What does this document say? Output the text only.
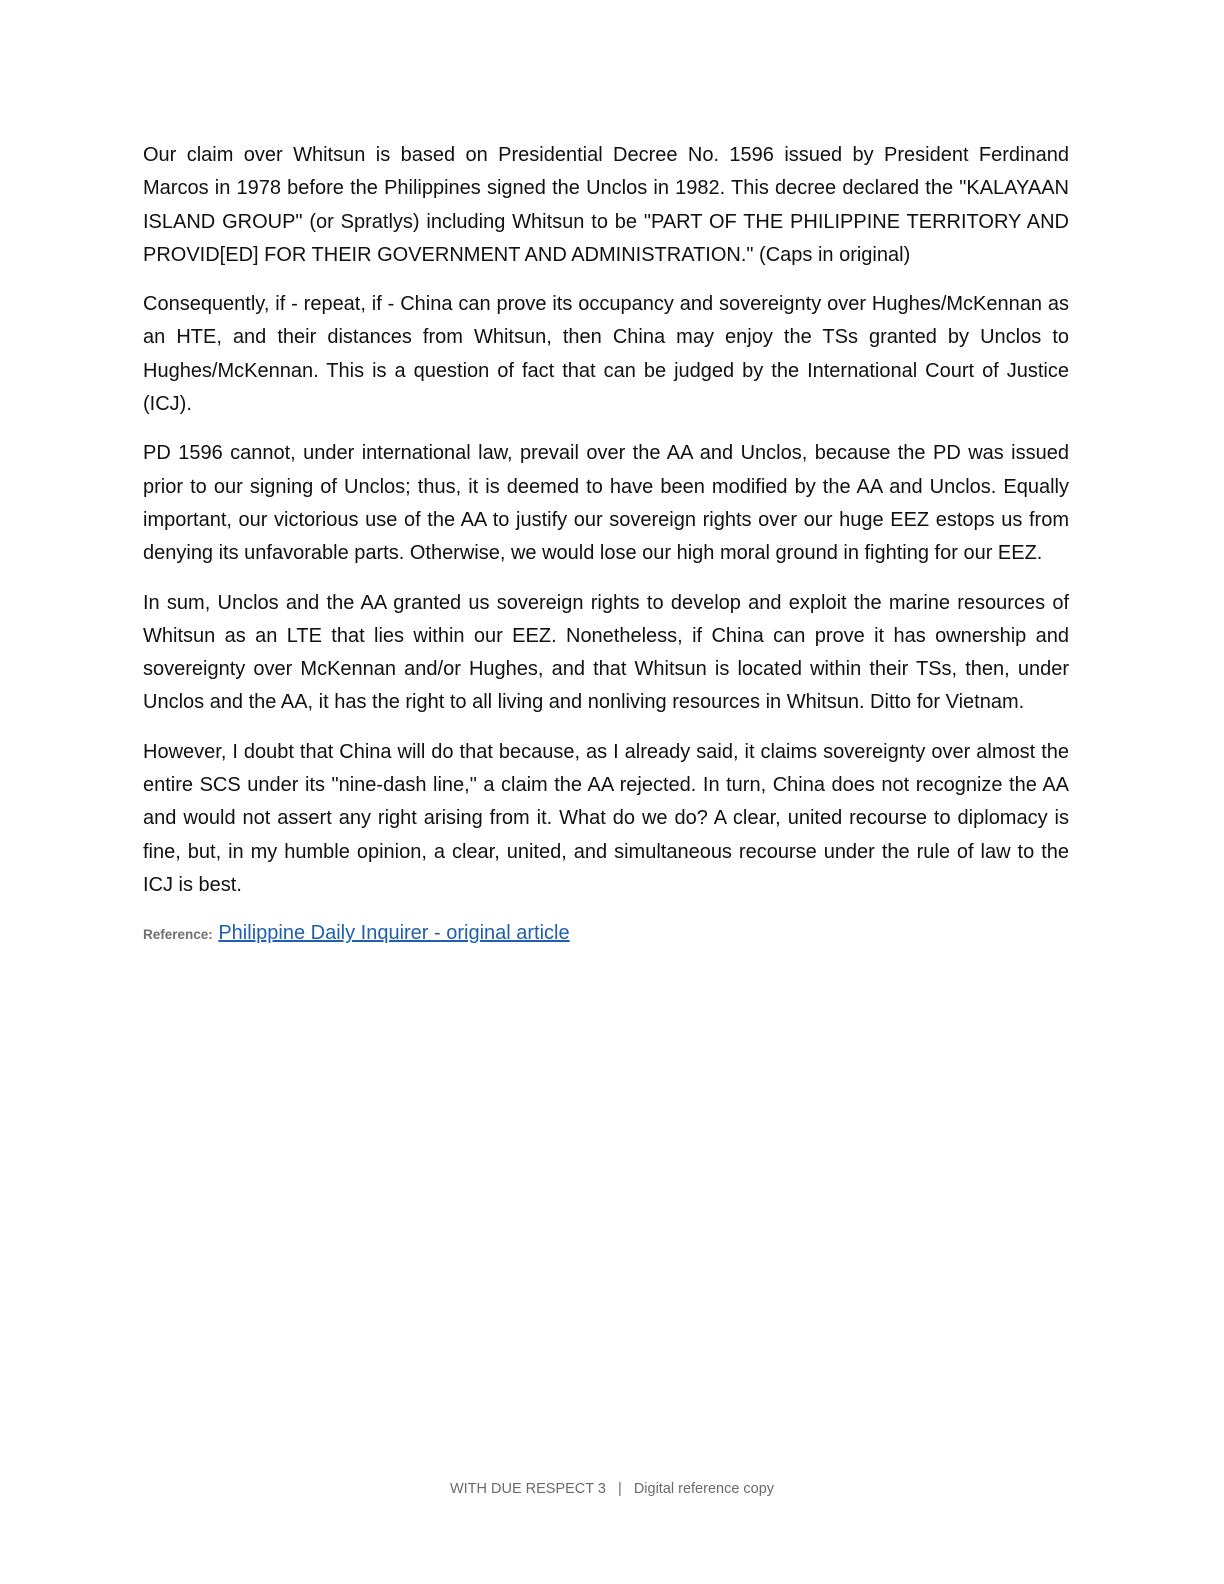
Our claim over Whitsun is based on Presidential Decree No. 1596 issued by President Ferdinand Marcos in 1978 before the Philippines signed the Unclos in 1982. This decree declared the "KALAYAAN ISLAND GROUP" (or Spratlys) including Whitsun to be "PART OF THE PHILIPPINE TERRITORY AND PROVID[ED] FOR THEIR GOVERNMENT AND ADMINISTRATION." (Caps in original)

Consequently, if - repeat, if - China can prove its occupancy and sovereignty over Hughes/McKennan as an HTE, and their distances from Whitsun, then China may enjoy the TSs granted by Unclos to Hughes/McKennan. This is a question of fact that can be judged by the International Court of Justice (ICJ).

PD 1596 cannot, under international law, prevail over the AA and Unclos, because the PD was issued prior to our signing of Unclos; thus, it is deemed to have been modified by the AA and Unclos. Equally important, our victorious use of the AA to justify our sovereign rights over our huge EEZ estops us from denying its unfavorable parts. Otherwise, we would lose our high moral ground in fighting for our EEZ.

In sum, Unclos and the AA granted us sovereign rights to develop and exploit the marine resources of Whitsun as an LTE that lies within our EEZ. Nonetheless, if China can prove it has ownership and sovereignty over McKennan and/or Hughes, and that Whitsun is located within their TSs, then, under Unclos and the AA, it has the right to all living and nonliving resources in Whitsun. Ditto for Vietnam.

However, I doubt that China will do that because, as I already said, it claims sovereignty over almost the entire SCS under its "nine-dash line," a claim the AA rejected. In turn, China does not recognize the AA and would not assert any right arising from it. What do we do? A clear, united recourse to diplomacy is fine, but, in my humble opinion, a clear, united, and simultaneous recourse under the rule of law to the ICJ is best.

Reference: Philippine Daily Inquirer - original article
WITH DUE RESPECT 3 | Digital reference copy
